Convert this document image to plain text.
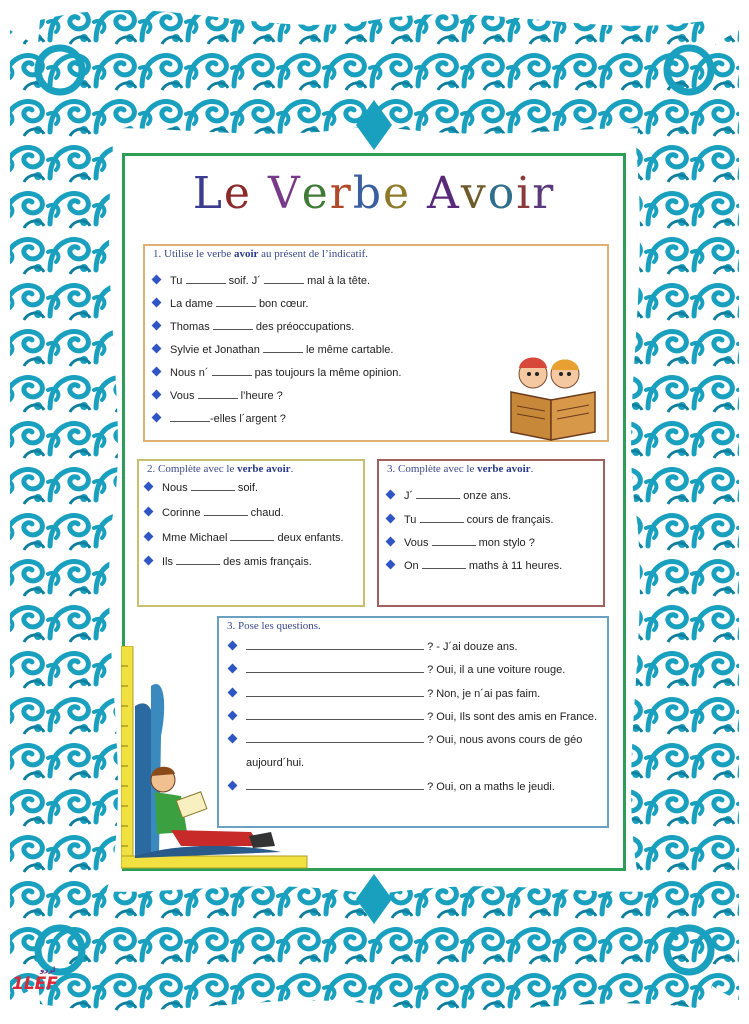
Le Verbe Avoir
1. Utilise le verbe avoir au présent de l’indicatif.
Tu	soif. J´	mal à la tête.
La dame	bon cœur.
Thomas	des préoccupations.
Sylvie et Jonathan	le même cartable.
Nous n´	pas toujours la même opinion.
Vous	l’heure ?
-elles l´argent ?
2. Complète avec le verbe avoir.
Nous	soif.
Corinne	chaud.
Mme Michael	deux enfants.
Ils	des amis français.
3. Complète avec le verbe avoir.
J´	onze ans.
Tu	cours de français.
Vous	mon stylo ?
On	maths à 11 heures.
3. Pose les questions.
? - J´ai douze ans.
? Oui, il a une voiture rouge.
? Non, je n´ai pas faim.
? Oui, Ils sont des amis en France.
? Oui, nous avons cours de géo
aujourd´hui.
? Oui, on a maths le jeudi.
1LEF
لرزو
